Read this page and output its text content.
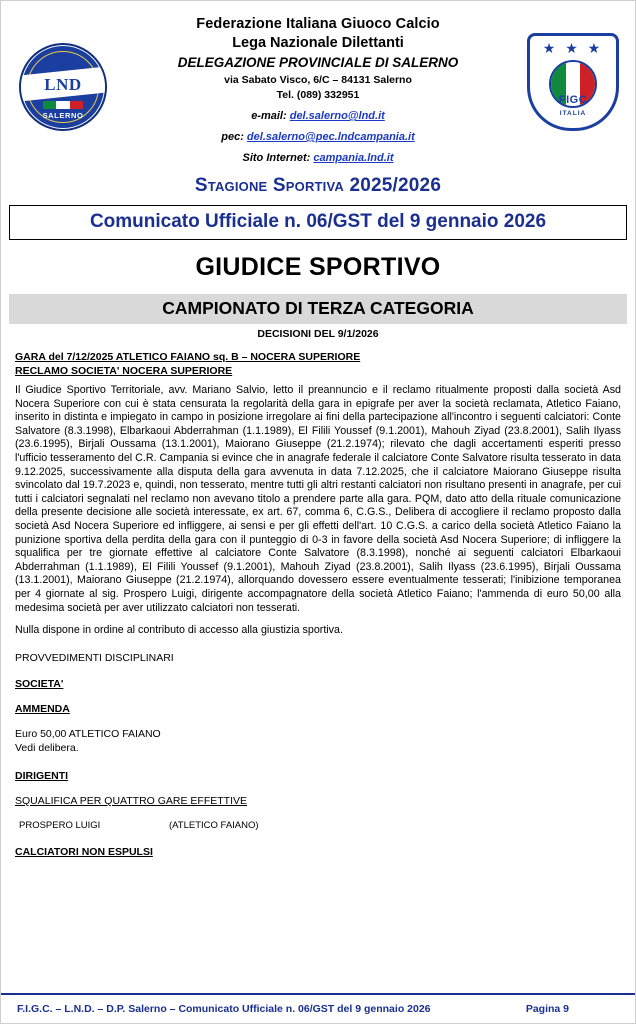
LND
SALERNO
Federazione Italiana Giuoco Calcio
Lega Nazionale Dilettanti
DELEGAZIONE PROVINCIALE DI SALERNO
via Sabato Visco, 6/C – 84131 Salerno
Tel. (089) 332951
e-mail: del.salerno@lnd.it
pec: del.salerno@pec.lndcampania.it
Sito Internet: campania.lnd.it
★ ★ ★
FIGC
ITALIA
Stagione Sportiva 2025/2026
Comunicato Ufficiale n. 06/GST del 9 gennaio 2026
GIUDICE SPORTIVO
CAMPIONATO DI TERZA CATEGORIA
DECISIONI DEL 9/1/2026
GARA del 7/12/2025 ATLETICO FAIANO sq. B – NOCERA SUPERIORE
RECLAMO SOCIETA' NOCERA SUPERIORE
Il Giudice Sportivo Territoriale, avv. Mariano Salvio, letto il preannuncio e il reclamo ritualmente proposti dalla società Asd Nocera Superiore con cui è stata censurata la regolarità della gara in epigrafe per aver la società reclamata, Atletico Faiano, inserito in distinta e impiegato in campo in posizione irregolare ai fini della partecipazione all'incontro i seguenti calciatori: Conte Salvatore (8.3.1998), Elbarkaoui Abderrahman (1.1.1989), El Filili Youssef (9.1.2001), Mahouh Ziyad (23.8.2001), Salih Ilyass (23.6.1995), Birjali Oussama (13.1.2001), Maiorano Giuseppe (21.2.1974); rilevato che dagli accertamenti esperiti presso l'ufficio tesseramento del C.R. Campania si evince che in anagrafe federale il calciatore Conte Salvatore risulta tesserato in data 9.12.2025, successivamente alla disputa della gara avvenuta in data 7.12.2025, che il calciatore Maiorano Giuseppe risulta svincolato dal 19.7.2023 e, quindi, non tesserato, mentre tutti gli altri restanti calciatori non risultano presenti in anagrafe, per cui tutti i calciatori segnalati nel reclamo non avevano titolo a prendere parte alla gara. PQM, dato atto della rituale comunicazione della presente decisione alle società interessate, ex art. 67, comma 6, C.G.S., Delibera di accogliere il reclamo proposto dalla società Asd Nocera Superiore ed infliggere, ai sensi e per gli effetti dell'art. 10 C.G.S. a carico della società Atletico Faiano la punizione sportiva della perdita della gara con il punteggio di 0-3 in favore della società Asd Nocera Superiore; di infliggere la squalifica per tre giornate effettive al calciatore Conte Salvatore (8.3.1998), nonché ai seguenti calciatori Elbarkaoui Abderrahman (1.1.1989), El Filili Youssef (9.1.2001), Mahouh Ziyad (23.8.2001), Salih Ilyass (23.6.1995), Birjali Oussama (13.1.2001), Maiorano Giuseppe (21.2.1974), allorquando dovessero essere eventualmente tesserati; l'inibizione temporanea per 4 giornate al sig. Prospero Luigi, dirigente accompagnatore della società Atletico Faiano; l'ammenda di euro 50,00 alla medesima società per aver utilizzato calciatori non tesserati.
Nulla dispone in ordine al contributo di accesso alla giustizia sportiva.
PROVVEDIMENTI DISCIPLINARI
SOCIETA'
AMMENDA
Euro 50,00 ATLETICO FAIANO
Vedi delibera.
DIRIGENTI
SQUALIFICA PER QUATTRO GARE EFFETTIVE
PROSPERO LUIGI	(ATLETICO FAIANO)
CALCIATORI NON ESPULSI
F.I.G.C. – L.N.D. – D.P. Salerno – Comunicato Ufficiale n. 06/GST del 9 gennaio 2026	Pagina 9
